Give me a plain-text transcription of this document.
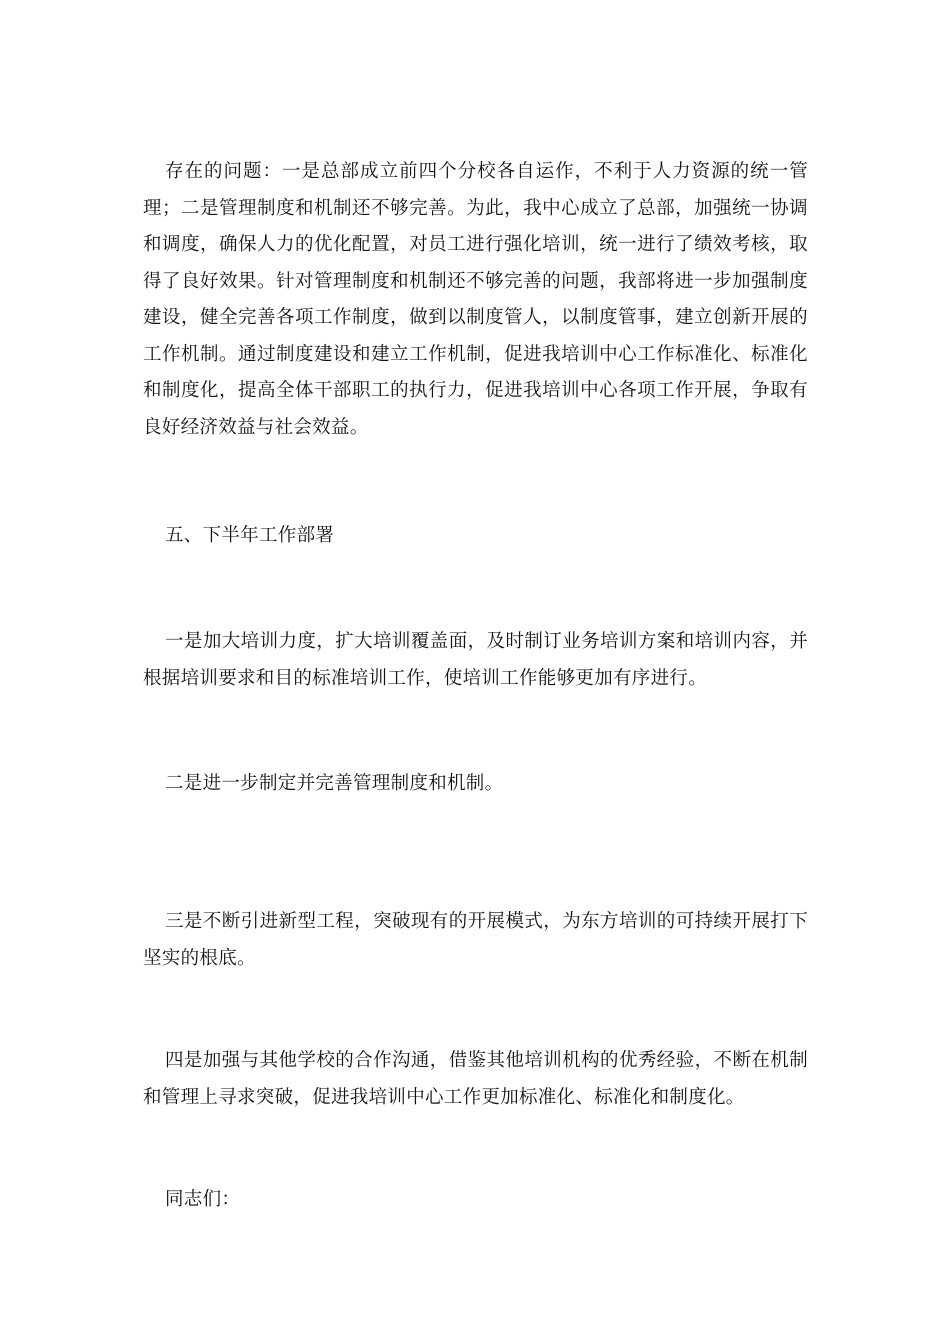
存在的问题：一是总部成立前四个分校各自运作，不利于人力资源的统一管理；二是管理制度和机制还不够完善。为此，我中心成立了总部，加强统一协调和调度，确保人力的优化配置，对员工进行强化培训，统一进行了绩效考核，取得了良好效果。针对管理制度和机制还不够完善的问题，我部将进一步加强制度建设，健全完善各项工作制度，做到以制度管人，以制度管事，建立创新开展的工作机制。通过制度建设和建立工作机制，促进我培训中心工作标准化、标准化和制度化，提高全体干部职工的执行力，促进我培训中心各项工作开展，争取有良好经济效益与社会效益。

五、下半年工作部署

一是加大培训力度，扩大培训覆盖面，及时制订业务培训方案和培训内容，并根据培训要求和目的标准培训工作，使培训工作能够更加有序进行。

二是进一步制定并完善管理制度和机制。

三是不断引进新型工程，突破现有的开展模式，为东方培训的可持续开展打下坚实的根底。

四是加强与其他学校的合作沟通，借鉴其他培训机构的优秀经验，不断在机制和管理上寻求突破，促进我培训中心工作更加标准化、标准化和制度化。

同志们：
